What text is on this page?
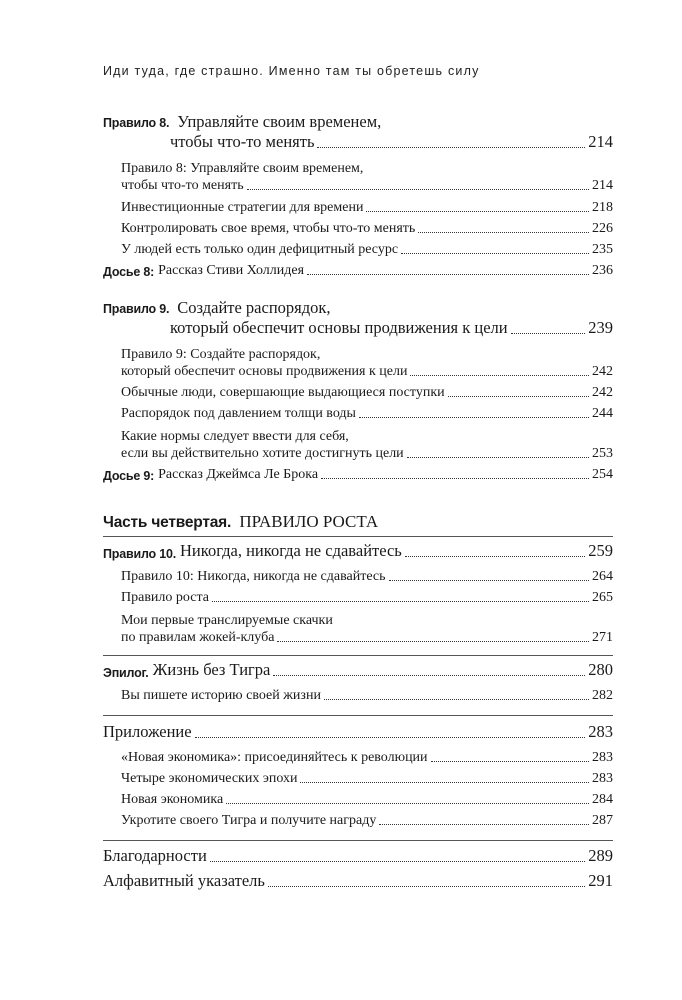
Иди туда, где страшно. Именно там ты обретешь силу
Правило 8. Управляйте своим временем,
чтобы что-то менять	214
Правило 8: Управляйте своим временем,
чтобы что-то менять	214
Инвестиционные стратегии для времени	218
Контролировать свое время, чтобы что-то менять	226
У людей есть только один дефицитный ресурс	235
Досье 8: Рассказ Стиви Холлидея	236
Правило 9. Создайте распорядок,
который обеспечит основы продвижения к цели	239
Правило 9: Создайте распорядок,
который обеспечит основы продвижения к цели	242
Обычные люди, совершающие выдающиеся поступки	242
Распорядок под давлением толщи воды	244
Какие нормы следует ввести для себя,
если вы действительно хотите достигнуть цели	253
Досье 9: Рассказ Джеймса Ле Брока	254
Часть четвертая. ПРАВИЛО РОСТА
Правило 10. Никогда, никогда не сдавайтесь	259
Правило 10: Никогда, никогда не сдавайтесь	264
Правило роста	265
Мои первые транслируемые скачки
по правилам жокей-клуба	271
Эпилог. Жизнь без Тигра	280
Вы пишете историю своей жизни	282
Приложение	283
«Новая экономика»: присоединяйтесь к революции	283
Четыре экономических эпохи	283
Новая экономика	284
Укротите своего Тигра и получите награду	287
Благодарности	289
Алфавитный указатель	291
